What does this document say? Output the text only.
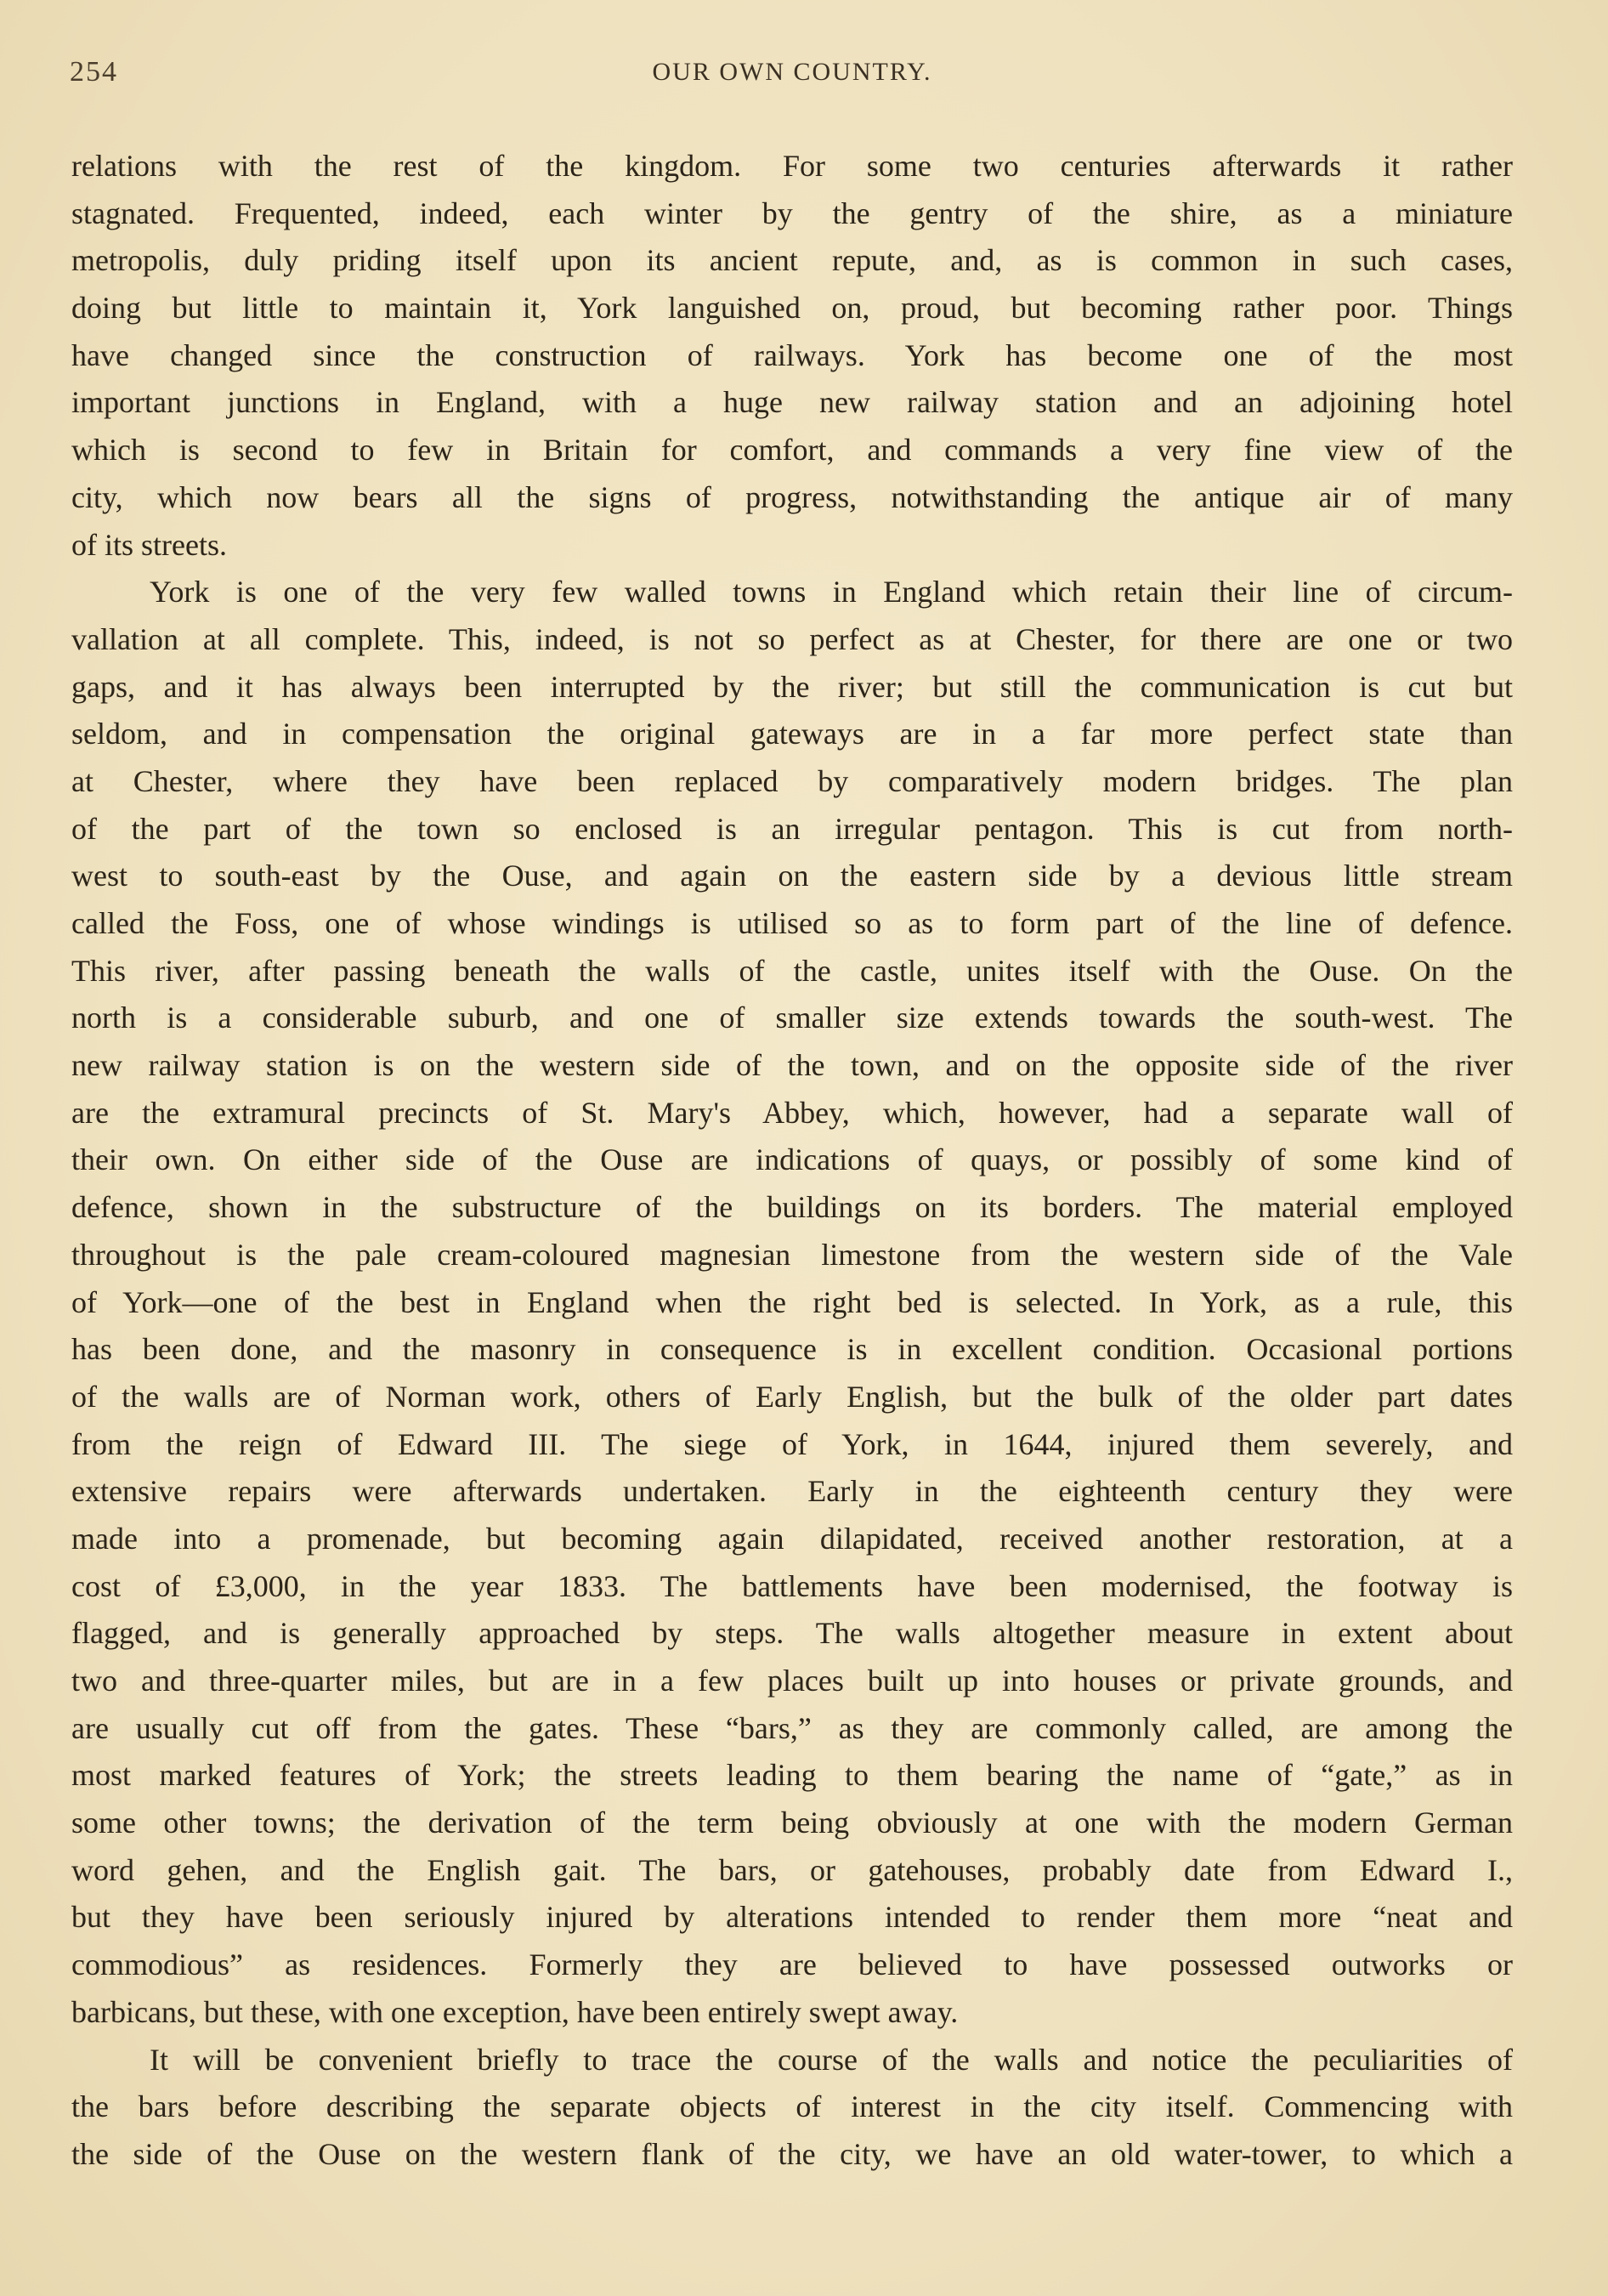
254	OUR OWN COUNTRY.
relations with the rest of the kingdom. For some two centuries afterwards it rather
stagnated. Frequented, indeed, each winter by the gentry of the shire, as a miniature
metropolis, duly priding itself upon its ancient repute, and, as is common in such cases,
doing but little to maintain it, York languished on, proud, but becoming rather poor. Things
have changed since the construction of railways. York has become one of the most
important junctions in England, with a huge new railway station and an adjoining hotel
which is second to few in Britain for comfort, and commands a very fine view of the
city, which now bears all the signs of progress, notwithstanding the antique air of many
of its streets.
York is one of the very few walled towns in England which retain their line of circum-
vallation at all complete. This, indeed, is not so perfect as at Chester, for there are one or two
gaps, and it has always been interrupted by the river; but still the communication is cut but
seldom, and in compensation the original gateways are in a far more perfect state than
at Chester, where they have been replaced by comparatively modern bridges. The plan
of the part of the town so enclosed is an irregular pentagon. This is cut from north-
west to south-east by the Ouse, and again on the eastern side by a devious little stream
called the Foss, one of whose windings is utilised so as to form part of the line of defence.
This river, after passing beneath the walls of the castle, unites itself with the Ouse. On the
north is a considerable suburb, and one of smaller size extends towards the south-west. The
new railway station is on the western side of the town, and on the opposite side of the river
are the extramural precincts of St. Mary's Abbey, which, however, had a separate wall of
their own. On either side of the Ouse are indications of quays, or possibly of some kind of
defence, shown in the substructure of the buildings on its borders. The material employed
throughout is the pale cream-coloured magnesian limestone from the western side of the Vale
of York—one of the best in England when the right bed is selected. In York, as a rule, this
has been done, and the masonry in consequence is in excellent condition. Occasional portions
of the walls are of Norman work, others of Early English, but the bulk of the older part dates
from the reign of Edward III. The siege of York, in 1644, injured them severely, and
extensive repairs were afterwards undertaken. Early in the eighteenth century they were
made into a promenade, but becoming again dilapidated, received another restoration, at a
cost of £3,000, in the year 1833. The battlements have been modernised, the footway is
flagged, and is generally approached by steps. The walls altogether measure in extent about
two and three-quarter miles, but are in a few places built up into houses or private grounds, and
are usually cut off from the gates. These “bars,” as they are commonly called, are among the
most marked features of York; the streets leading to them bearing the name of “gate,” as in
some other towns; the derivation of the term being obviously at one with the modern German
word gehen, and the English gait. The bars, or gatehouses, probably date from Edward I.,
but they have been seriously injured by alterations intended to render them more “neat and
commodious” as residences. Formerly they are believed to have possessed outworks or
barbicans, but these, with one exception, have been entirely swept away.
It will be convenient briefly to trace the course of the walls and notice the peculiarities of
the bars before describing the separate objects of interest in the city itself. Commencing with
the side of the Ouse on the western flank of the city, we have an old water-tower, to which a
